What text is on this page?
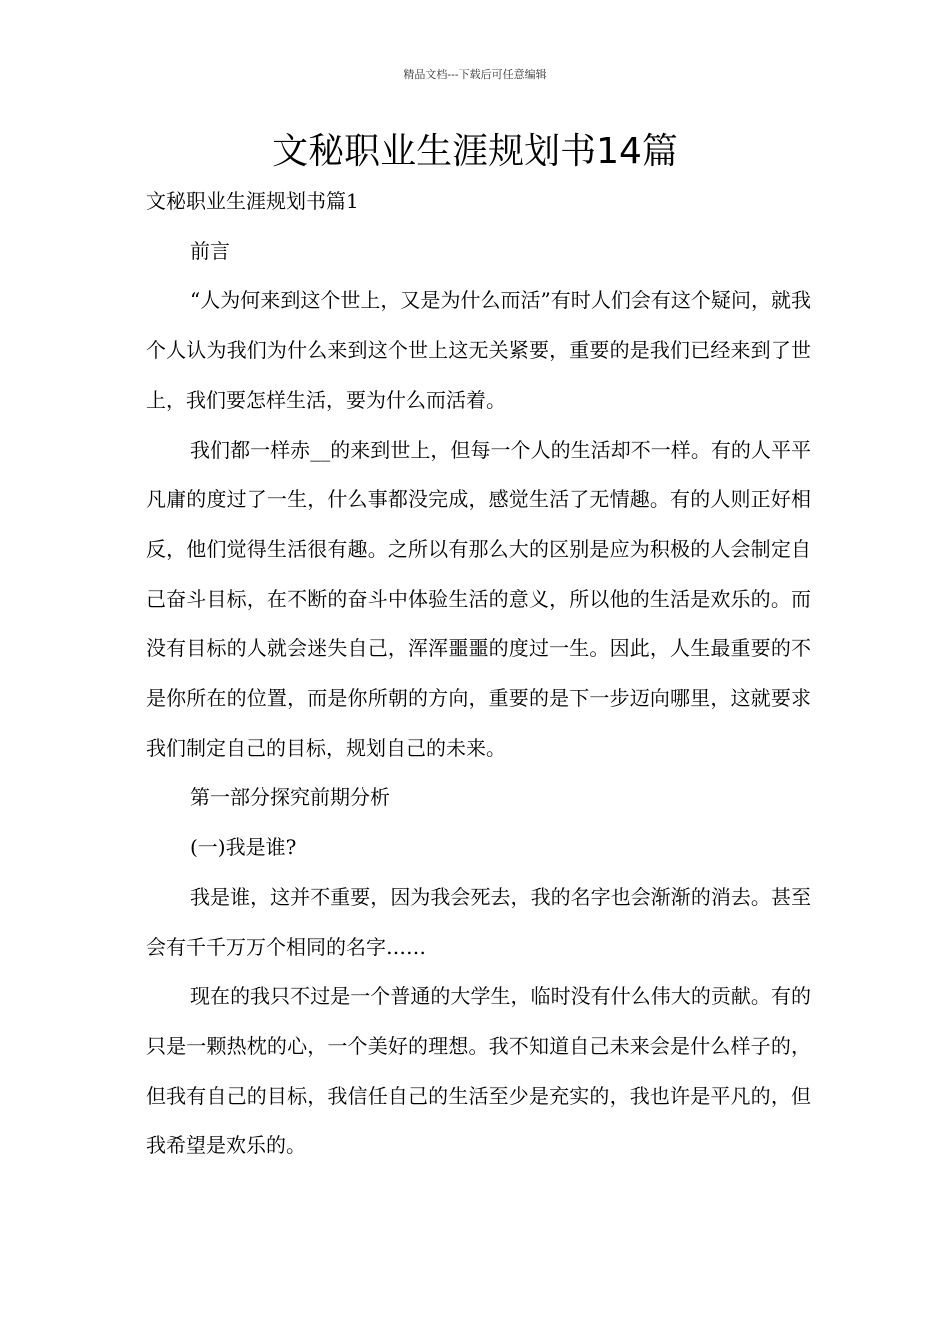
精品文档---下载后可任意编辑
文秘职业生涯规划书14篇

文秘职业生涯规划书篇1

前言

“人为何来到这个世上，又是为什么而活”有时人们会有这个疑问，就我个人认为我们为什么来到这个世上这无关紧要，重要的是我们已经来到了世上，我们要怎样生活，要为什么而活着。

我们都一样赤__的来到世上，但每一个人的生活却不一样。有的人平平凡庸的度过了一生，什么事都没完成，感觉生活了无情趣。有的人则正好相反，他们觉得生活很有趣。之所以有那么大的区别是应为积极的人会制定自己奋斗目标，在不断的奋斗中体验生活的意义，所以他的生活是欢乐的。而没有目标的人就会迷失自己，浑浑噩噩的度过一生。因此，人生最重要的不是你所在的位置，而是你所朝的方向，重要的是下一步迈向哪里，这就要求我们制定自己的目标，规划自己的未来。

第一部分探究前期分析

(一)我是谁?

我是谁，这并不重要，因为我会死去，我的名字也会渐渐的消去。甚至会有千千万万个相同的名字……

现在的我只不过是一个普通的大学生，临时没有什么伟大的贡献。有的只是一颗热枕的心，一个美好的理想。我不知道自己未来会是什么样子的，但我有自己的目标，我信任自己的生活至少是充实的，我也许是平凡的，但我希望是欢乐的。
